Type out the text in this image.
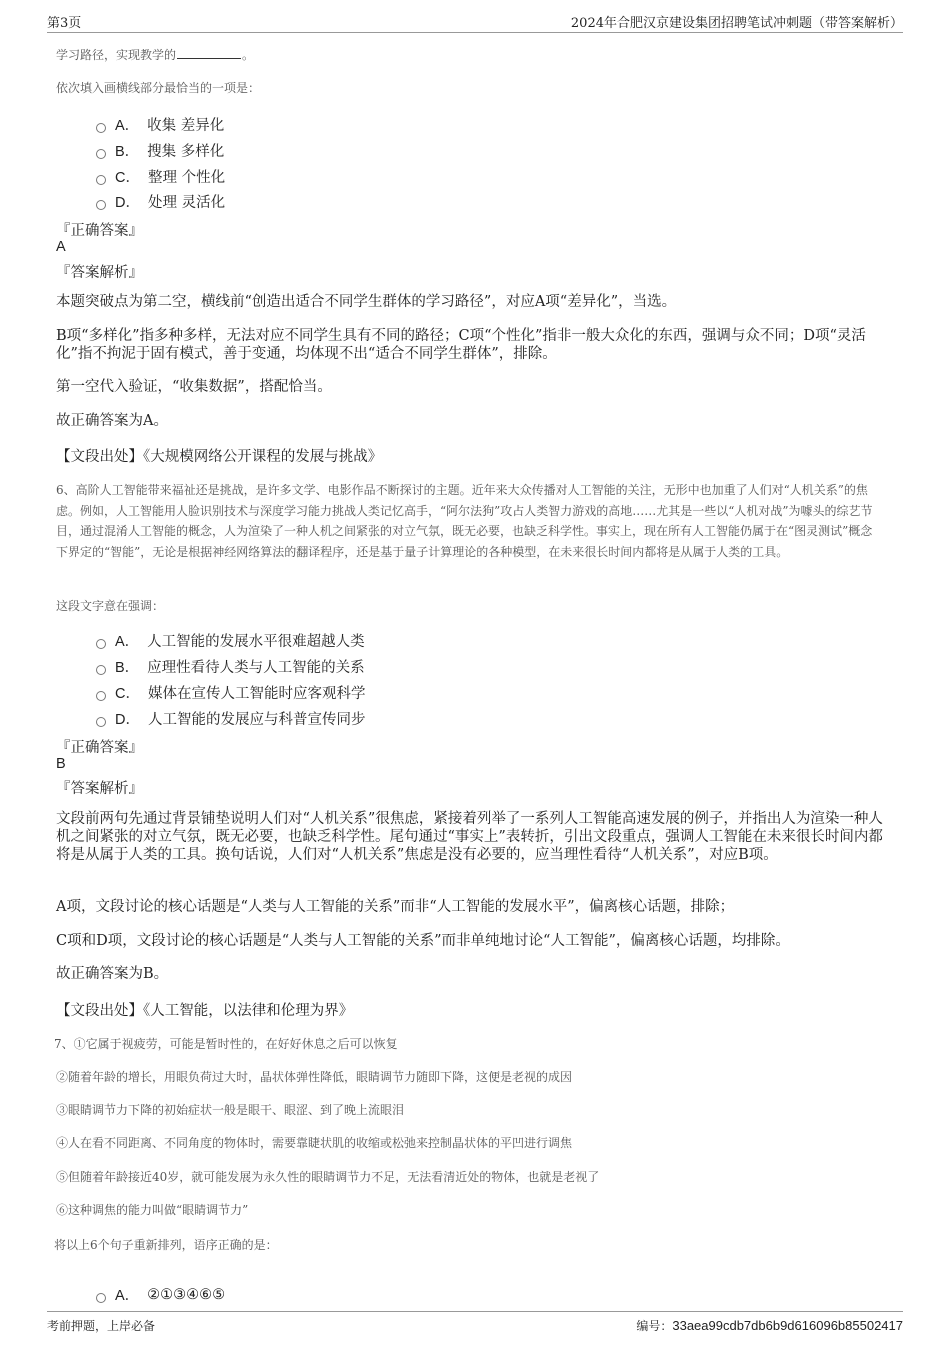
第3页	2024年合肥汉京建设集团招聘笔试冲刺题（带答案解析）
学习路径，实现教学的	。
依次填入画横线部分最恰当的一项是：
A． 收集 差异化
B． 搜集 多样化
C． 整理 个性化
D． 处理 灵活化
『正确答案』
A
『答案解析』
本题突破点为第二空，横线前“创造出适合不同学生群体的学习路径”，对应A项“差异化”，当选。
B项“多样化”指多种多样，无法对应不同学生具有不同的路径；C项“个性化”指非一般大众化的东西，强调与众不同；D项“灵活化”指不拘泥于固有模式，善于变通，均体现不出“适合不同学生群体”，排除。
第一空代入验证，“收集数据”，搭配恰当。
故正确答案为A。
【文段出处】《大规模网络公开课程的发展与挑战》
6、高阶人工智能带来福祉还是挑战，是许多文学、电影作品不断探讨的主题。近年来大众传播对人工智能的关注，无形中也加重了人们对“人机关系”的焦虑。例如，人工智能用人脸识别技术与深度学习能力挑战人类记忆高手，“阿尔法狗”攻占人类智力游戏的高地……尤其是一些以“人机对战”为噱头的综艺节目，通过混淆人工智能的概念，人为渲染了一种人机之间紧张的对立气氛，既无必要，也缺乏科学性。事实上，现在所有人工智能仍属于在“图灵测试”概念下界定的“智能”，无论是根据神经网络算法的翻译程序，还是基于量子计算理论的各种模型，在未来很长时间内都将是从属于人类的工具。
这段文字意在强调：
A． 人工智能的发展水平很难超越人类
B． 应理性看待人类与人工智能的关系
C． 媒体在宣传人工智能时应客观科学
D． 人工智能的发展应与科普宣传同步
『正确答案』
B
『答案解析』
文段前两句先通过背景铺垫说明人们对“人机关系”很焦虑，紧接着列举了一系列人工智能高速发展的例子，并指出人为渲染一种人机之间紧张的对立气氛，既无必要，也缺乏科学性。尾句通过“事实上”表转折，引出文段重点，强调人工智能在未来很长时间内都将是从属于人类的工具。换句话说，人们对“人机关系”焦虑是没有必要的，应当理性看待“人机关系”，对应B项。
A项，文段讨论的核心话题是“人类与人工智能的关系”而非“人工智能的发展水平”，偏离核心话题，排除；
C项和D项，文段讨论的核心话题是“人类与人工智能的关系”而非单纯地讨论“人工智能”，偏离核心话题，均排除。
故正确答案为B。
【文段出处】《人工智能，以法律和伦理为界》
7、①它属于视疲劳，可能是暂时性的，在好好休息之后可以恢复
②随着年龄的增长，用眼负荷过大时，晶状体弹性降低，眼睛调节力随即下降，这便是老视的成因
③眼睛调节力下降的初始症状一般是眼干、眼涩、到了晚上流眼泪
④人在看不同距离、不同角度的物体时，需要靠睫状肌的收缩或松弛来控制晶状体的平凹进行调焦
⑤但随着年龄接近40岁，就可能发展为永久性的眼睛调节力不足，无法看清近处的物体，也就是老视了
⑥这种调焦的能力叫做“眼睛调节力”
将以上6个句子重新排列，语序正确的是：
A． ②①③④⑥⑤
考前押题，上岸必备	编号：33aea99cdb7db6b9d616096b85502417
